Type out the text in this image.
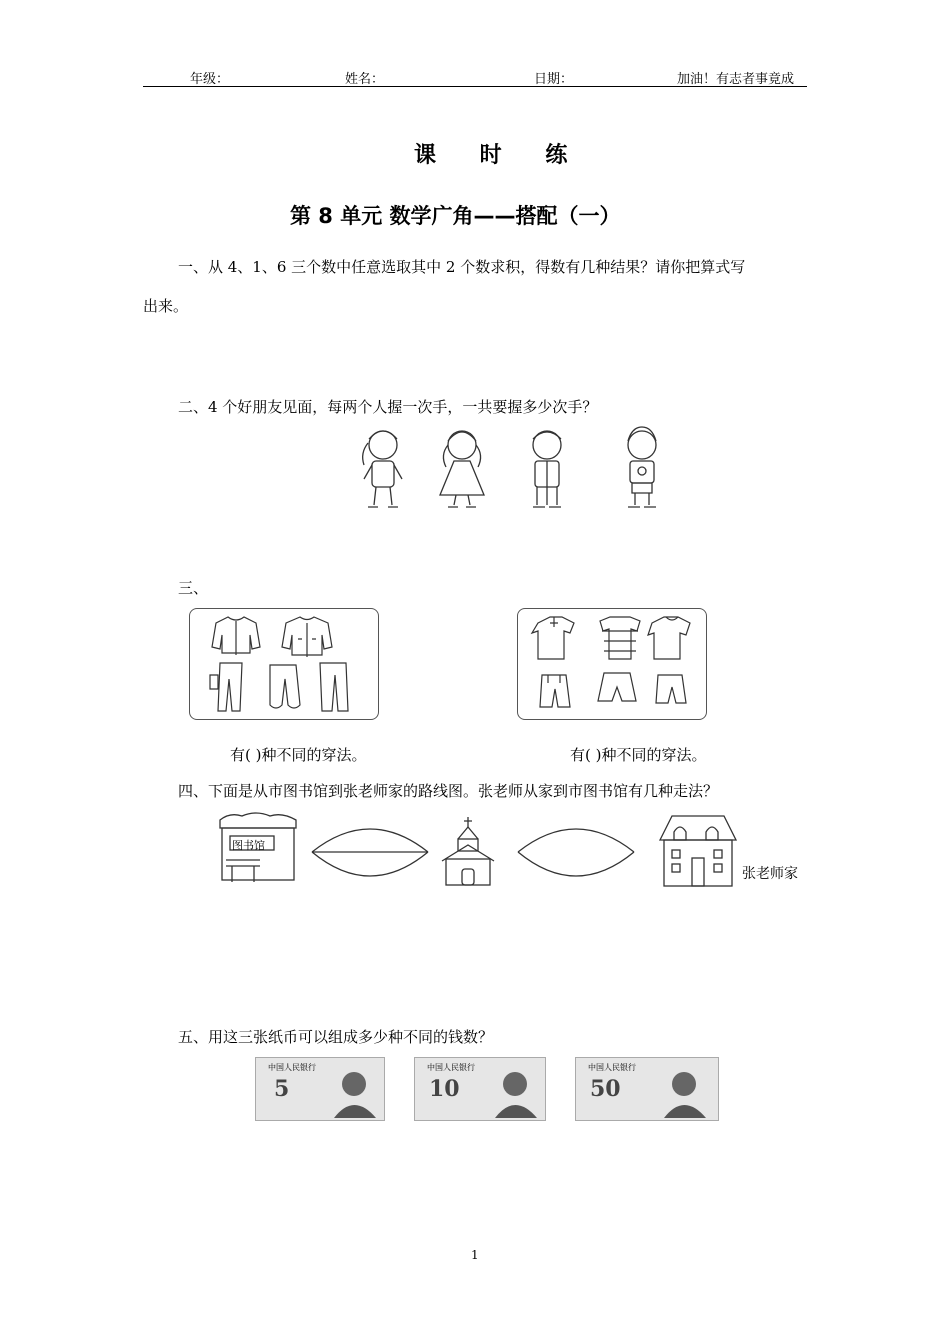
年级：	姓名：	日期：	加油！有志者事竟成
课 时 练
第 8 单元 数学广角——搭配（一）
一、从 4、1、6 三个数中任意选取其中 2 个数求积，得数有几种结果？请你把算式写
出来。
二、4 个好朋友见面，每两个人握一次手，一共要握多少次手？
三、
有( )种不同的穿法。	有( )种不同的穿法。
四、下面是从市图书馆到张老师家的路线图。张老师从家到市图书馆有几种走法？
图书馆
张老师家
五、用这三张纸币可以组成多少种不同的钱数？
中国人民银行
5
中国人民银行
10
中国人民银行
50
1
